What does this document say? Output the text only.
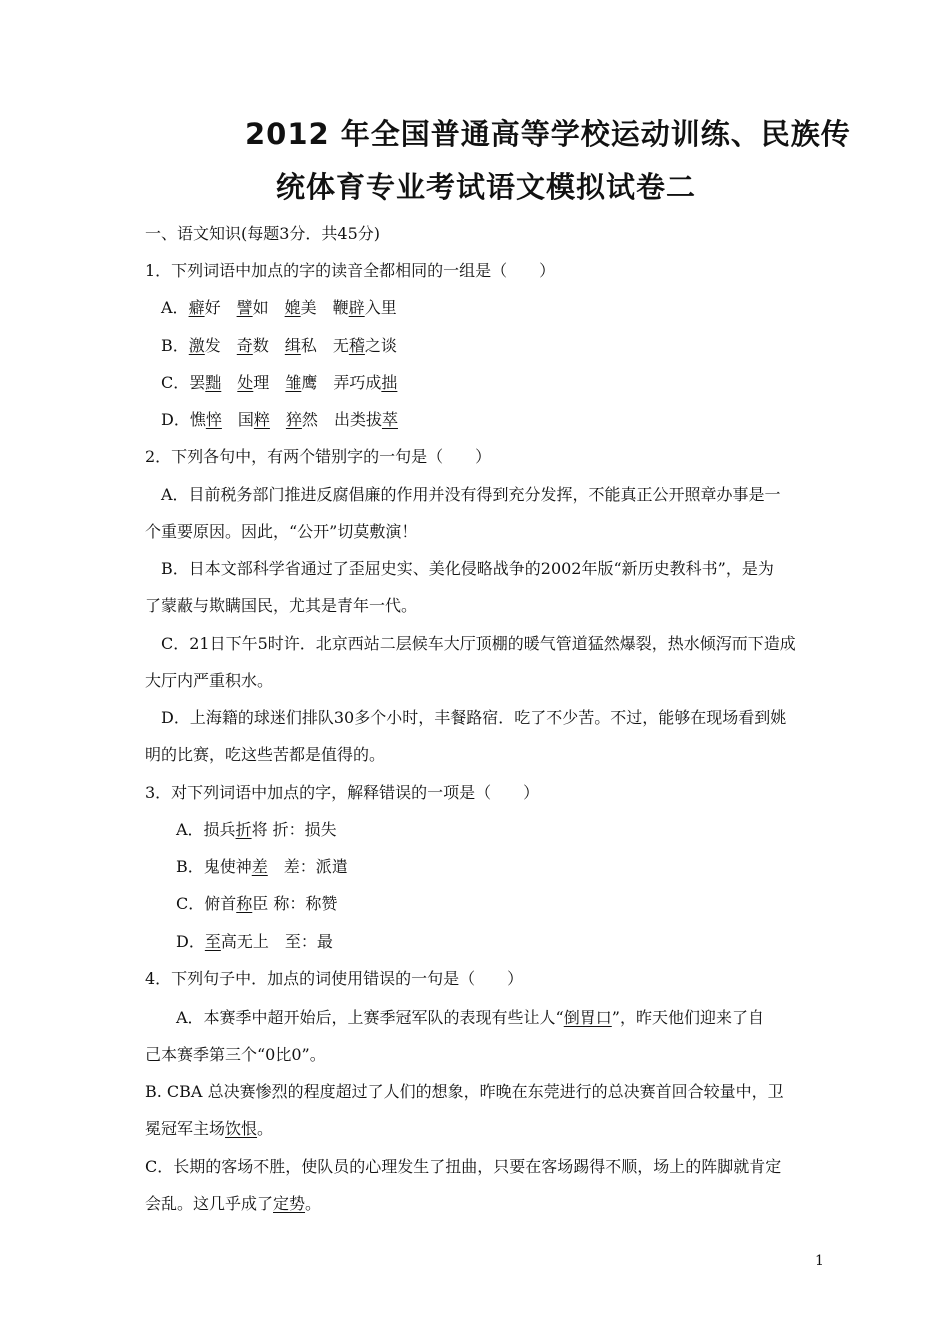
2012 年全国普通高等学校运动训练、民族传
统体育专业考试语文模拟试卷二
一、语文知识(每题3分．共45分)
1．下列词语中加点的字的读音全都相同的一组是（　　）
A．癖好 譬如 媲美 鞭辟入里
B．激发 奇数 缉私 无稽之谈
C．罢黜 处理 雏鹰 弄巧成拙
D．憔悴 国粹 猝然 出类拔萃
2．下列各句中，有两个错别字的一句是（　　）
A．目前税务部门推进反腐倡廉的作用并没有得到充分发挥，不能真正公开照章办事是一
个重要原因。因此，“公开”切莫敷演！
B．日本文部科学省通过了歪屈史实、美化侵略战争的2002年版“新历史教科书”，是为
了蒙蔽与欺瞒国民，尤其是青年一代。
C．21日下午5时许．北京西站二层候车大厅顶棚的暖气管道猛然爆裂，热水倾泻而下造成
大厅内严重积水。
D．上海籍的球迷们排队30多个小时，丰餐路宿．吃了不少苦。不过，能够在现场看到姚
明的比赛，吃这些苦都是值得的。
3．对下列词语中加点的字，解释错误的一项是（　　）
A．损兵折将 折：损失
B．鬼使神差　差：派遣
C．俯首称臣 称：称赞
D．至高无上　至：最
4．下列句子中．加点的词使用错误的一句是（　　）
A．本赛季中超开始后，上赛季冠军队的表现有些让人“倒胃口”，昨天他们迎来了自
己本赛季第三个“0比0”。
B. CBA 总决赛惨烈的程度超过了人们的想象，昨晚在东莞进行的总决赛首回合较量中，卫
冕冠军主场饮恨。
C．长期的客场不胜，使队员的心理发生了扭曲，只要在客场踢得不顺，场上的阵脚就肯定
会乱。这几乎成了定势。
1
